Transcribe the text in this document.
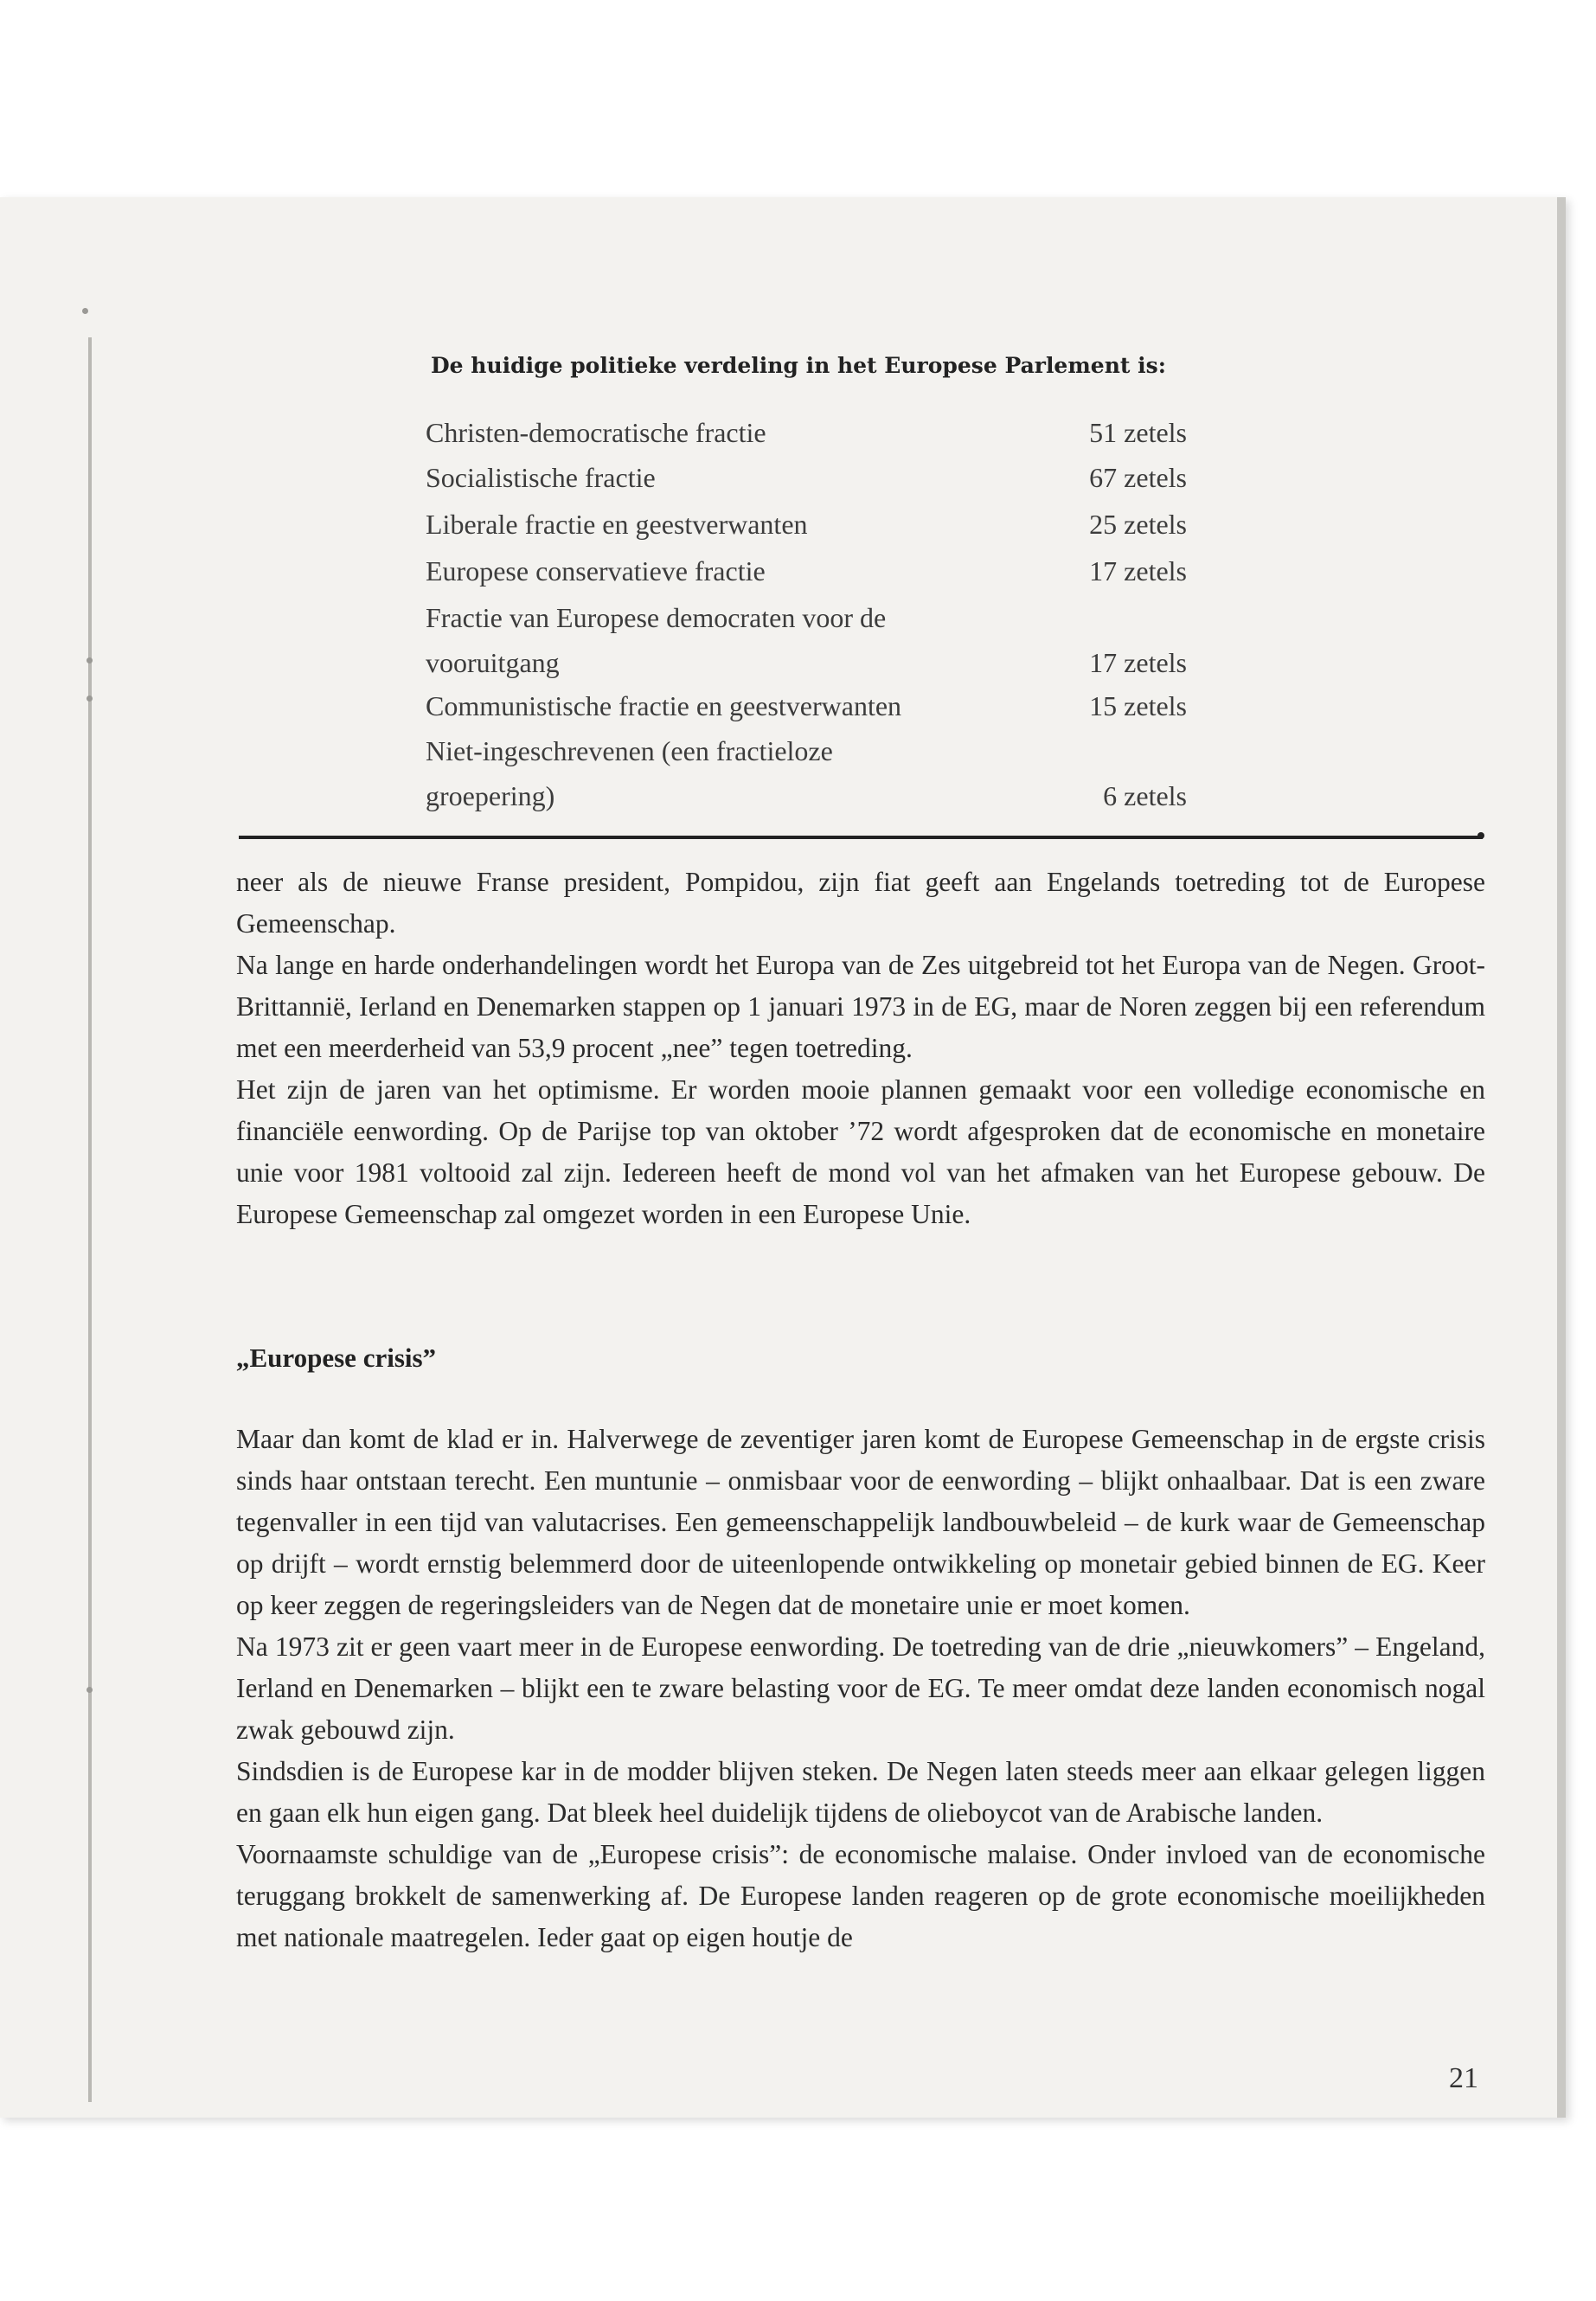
De huidige politieke verdeling in het Europese Parlement is:
Christen-democratische fractie	51 zetels
Socialistische fractie	67 zetels
Liberale fractie en geestverwanten	25 zetels
Europese conservatieve fractie	17 zetels
Fractie van Europese democraten voor de vooruitgang	17 zetels
Communistische fractie en geestverwanten	15 zetels
Niet-ingeschrevenen (een fractieloze groepering)	6 zetels

neer als de nieuwe Franse president, Pompidou, zijn fiat geeft aan Engelands toetreding tot de Europese Gemeenschap.

Na lange en harde onderhandelingen wordt het Europa van de Zes uitgebreid tot het Europa van de Negen. Groot-Brittannië, Ierland en Denemarken stappen op 1 januari 1973 in de EG, maar de Noren zeggen bij een referendum met een meerderheid van 53,9 procent „nee” tegen toetreding.

Het zijn de jaren van het optimisme. Er worden mooie plannen gemaakt voor een volledige economische en financiële eenwording. Op de Parijse top van oktober ’72 wordt afgesproken dat de economische en monetaire unie voor 1981 voltooid zal zijn. Iedereen heeft de mond vol van het afmaken van het Europese gebouw. De Europese Gemeenschap zal omgezet worden in een Europese Unie.

„Europese crisis”

Maar dan komt de klad er in. Halverwege de zeventiger jaren komt de Europese Gemeenschap in de ergste crisis sinds haar ontstaan terecht. Een muntunie – onmisbaar voor de eenwording – blijkt onhaalbaar. Dat is een zware tegenvaller in een tijd van valutacrises. Een gemeenschappelijk landbouwbeleid – de kurk waar de Gemeenschap op drijft – wordt ernstig belemmerd door de uiteenlopende ontwikkeling op monetair gebied binnen de EG. Keer op keer zeggen de regeringsleiders van de Negen dat de monetaire unie er moet komen.

Na 1973 zit er geen vaart meer in de Europese eenwording. De toetreding van de drie „nieuwkomers” – Engeland, Ierland en Denemarken – blijkt een te zware belasting voor de EG. Te meer omdat deze landen economisch nogal zwak gebouwd zijn.

Sindsdien is de Europese kar in de modder blijven steken. De Negen laten steeds meer aan elkaar gelegen liggen en gaan elk hun eigen gang. Dat bleek heel duidelijk tijdens de olieboycot van de Arabische landen.

Voornaamste schuldige van de „Europese crisis”: de economische malaise. Onder invloed van de economische teruggang brokkelt de samenwerking af. De Europese landen reageren op de grote economische moeilijkheden met nationale maatregelen. Ieder gaat op eigen houtje de

21
